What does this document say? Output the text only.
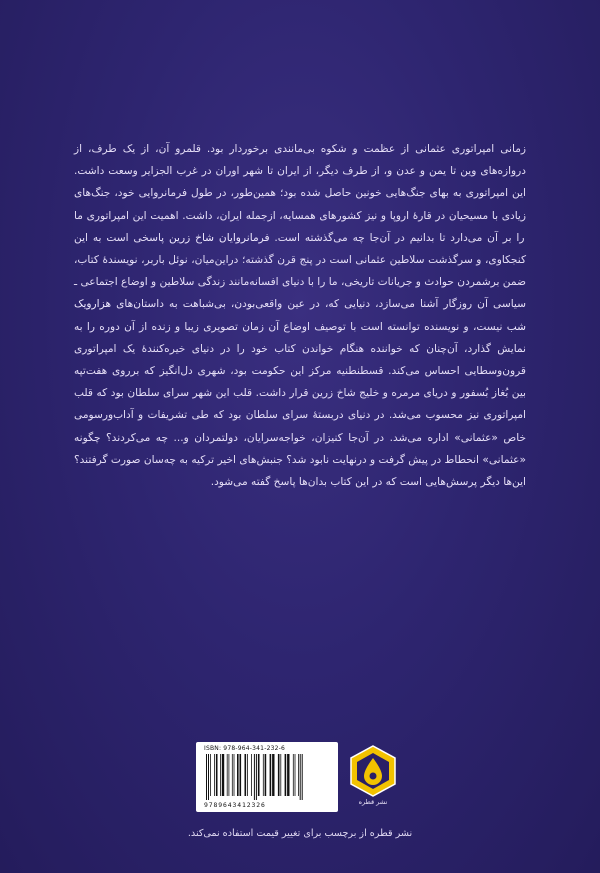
زمانی امپراتوری عثمانی از عظمت و شکوه بی‌مانندی برخوردار بود. قلمرو آن، از یک طرف، از دروازه‌های وین تا یمن و عدن و، از طرف دیگر، از ایران تا شهر اوران در غرب الجزایر وسعت داشت. این امپراتوری به بهای جنگ‌هایی خونین حاصل شده بود؛ همین‌طور، در طول فرمانروایی خود، جنگ‌های زیادی با مسیحیان در قارهٔ اروپا و نیز کشورهای همسایه، ازجمله ایران، داشت. اهمیت این امپراتوری ما را بر آن می‌دارد تا بدانیم در آن‌جا چه می‌گذشته است. فرمانروایان شاخ زرین پاسخی است به این کنجکاوی، و سرگذشت سلاطین عثمانی است در پنج قرن گذشته؛ دراین‌میان، نوئل باربر، نویسندهٔ کتاب، ضمن برشمردن حوادث و جریانات تاریخی، ما را با دنیای افسانه‌مانند زندگی سلاطین و اوضاع اجتماعی ـ سیاسی آن روزگار آشنا می‌سازد، دنیایی که، در عین واقعی‌بودن، بی‌شباهت به داستان‌های هزارویک شب نیست، و نویسنده توانسته است با توصیف اوضاع آن زمان تصویری زیبا و زنده از آن دوره را به نمایش گذارد، آن‌چنان که خواننده هنگام خواندن کتاب خود را در دنیای خیره‌کنندهٔ یک امپراتوری قرون‌وسطایی احساس می‌کند. قسطنطنیه مرکز این حکومت بود، شهری دل‌انگیز که برروی هفت‌تپه بین بُغاز بُسفور و دریای مرمره و خلیج شاخ زرین قرار داشت. قلب این شهر سرای سلطان بود که قلب امپراتوری نیز محسوب می‌شد. در دنیای دربستهٔ سرای سلطان بود که طی تشریفات و آداب‌ورسومی خاص «عثمانی» اداره می‌شد. در آن‌جا کنیزان، خواجه‌سرایان، دولتمردان و... چه می‌کردند؟ چگونه «عثمانی» انحطاط در پیش گرفت و درنهایت نابود شد؟ جنبش‌های اخیر ترکیه به چه‌سان صورت گرفتند؟ این‌ها دیگر پرسش‌هایی است که در این کتاب بدان‌ها پاسخ گفته می‌شود.

ISBN: 978-964-341-232-6
9789643412326	نشر قطره
نشر قطره از برچسب برای تغییر قیمت استفاده نمی‌کند.
